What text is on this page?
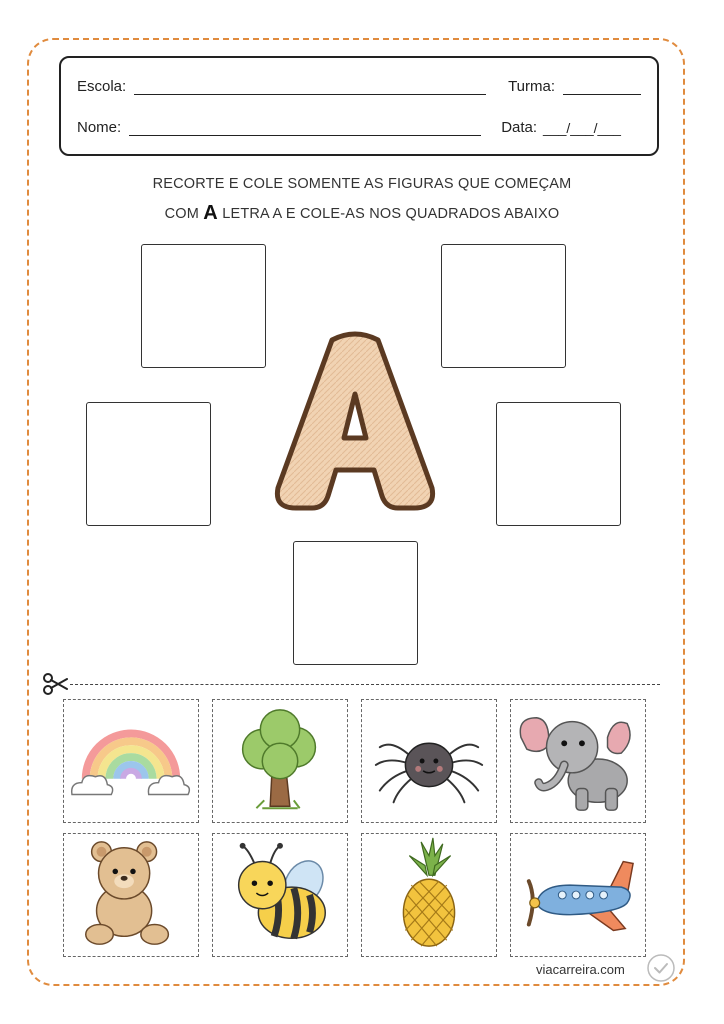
Escola:	Turma:
Nome:	Data: ___/___/___
RECORTE E COLE SOMENTE AS FIGURAS QUE COMEÇAM
COM A LETRA A E COLE-AS NOS QUADRADOS ABAIXO
viacarreira.com
